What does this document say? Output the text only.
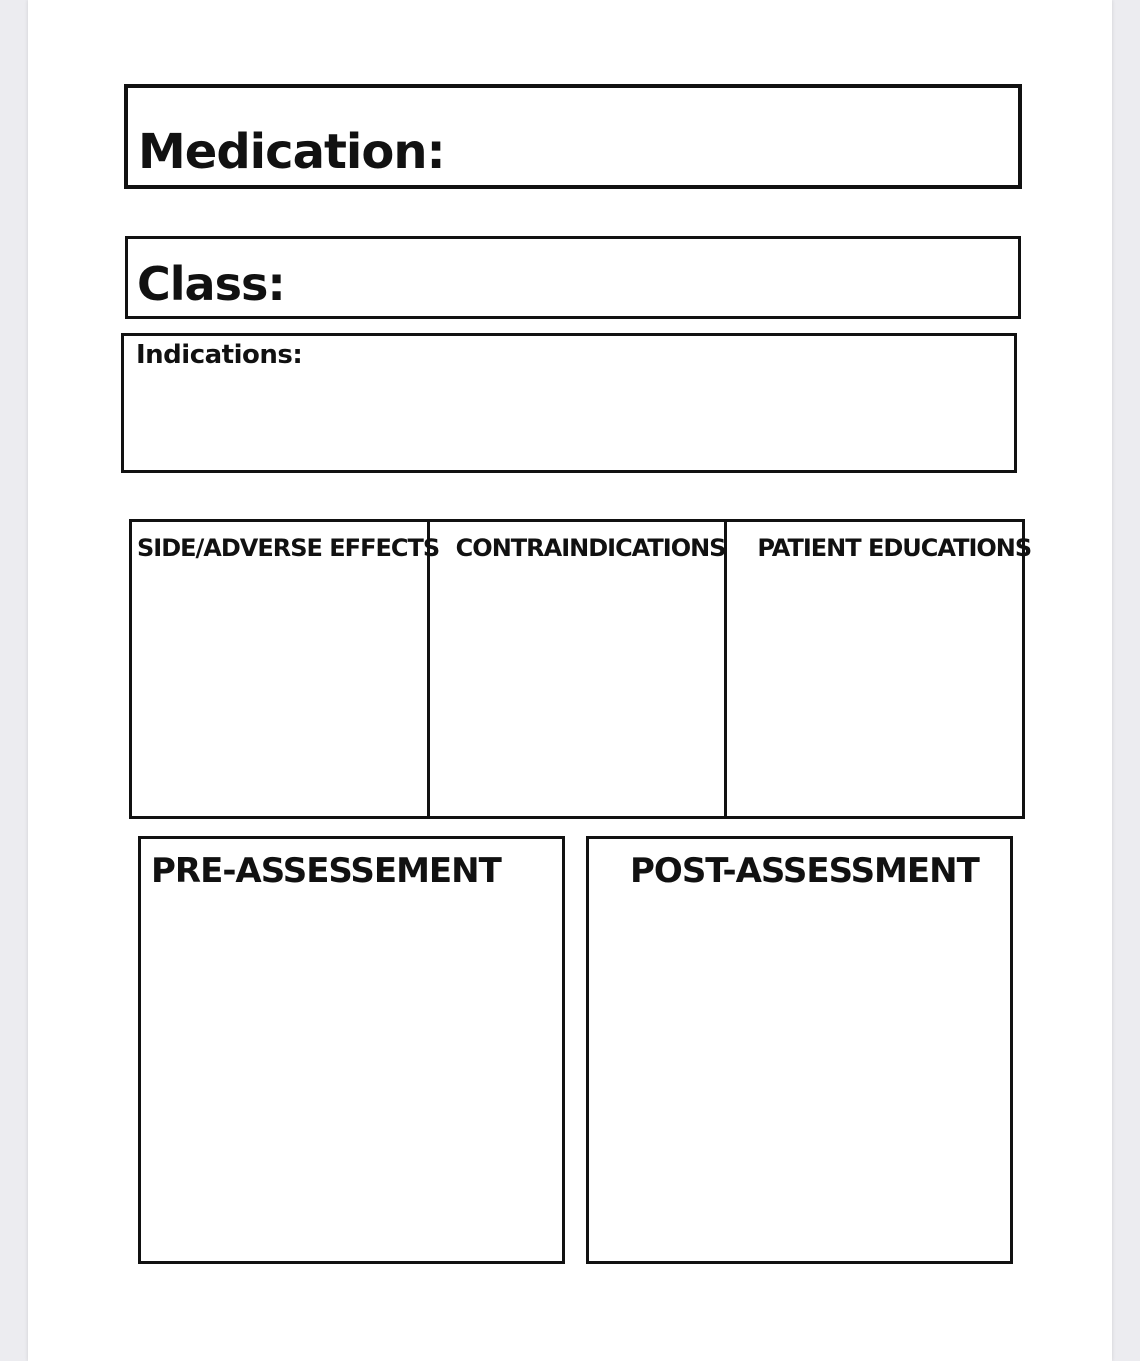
Medication:
Class:
Indications:
SIDE/ADVERSE EFFECTS CONTRAINDICATIONS PATIENT EDUCATIONS
PRE-ASSESSEMENT	POST-ASSESSMENT
